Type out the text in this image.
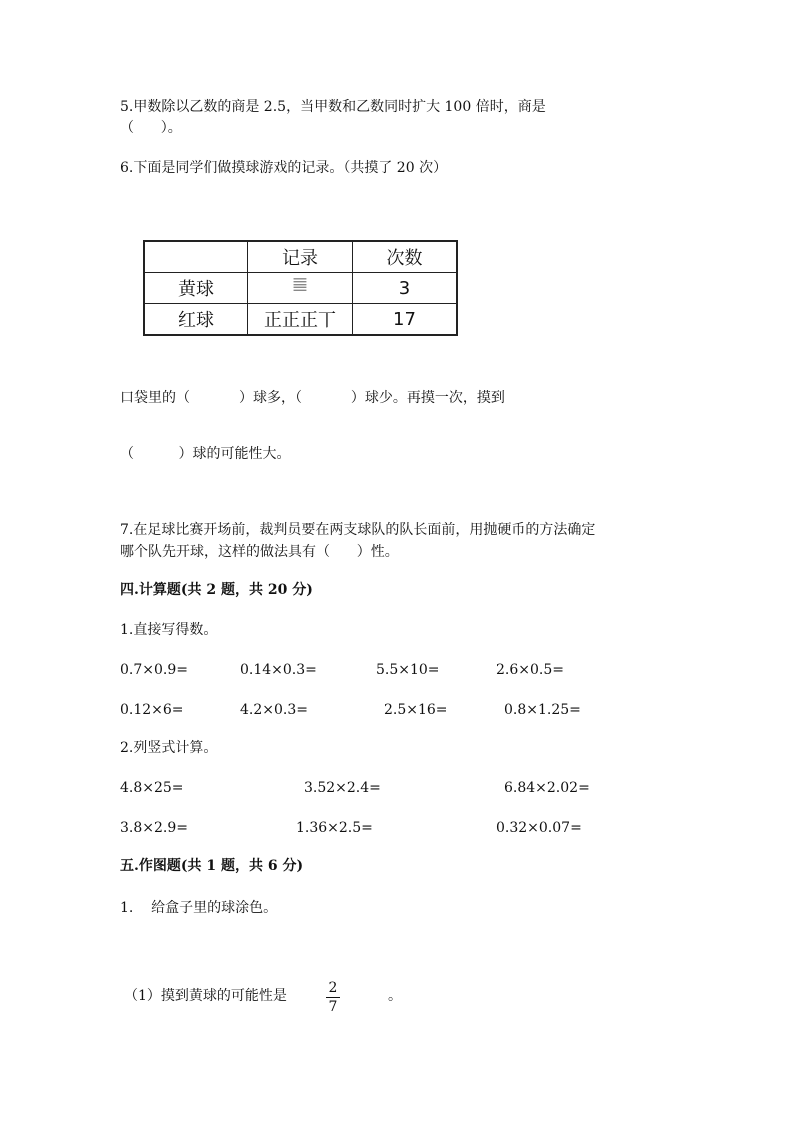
5.甲数除以乙数的商是 2.5，当甲数和乙数同时扩大 100 倍时，商是
（      ）。
6.下面是同学们做摸球游戏的记录。（共摸了 20 次）
	记录	次数
黄球	𝍤	3
红球	正正正丅	17
口袋里的（           ）球多，（           ）球少。再摸一次，摸到
（          ）球的可能性大。
7.在足球比赛开场前，裁判员要在两支球队的队长面前，用抛硬币的方法确定
哪个队先开球，这样的做法具有（      ）性。
四.计算题(共 2 题，共 20 分)
1.直接写得数。
0.7×0.9=	0.14×0.3=	5.5×10=	2.6×0.5=
0.12×6=	4.2×0.3=	2.5×16=	0.8×1.25=
2.列竖式计算。
4.8×25=	3.52×2.4=	6.84×2.02=
3.8×2.9=	1.36×2.5=	0.32×0.07=
五.作图题(共 1 题，共 6 分)
1.    给盒子里的球涂色。
（1）摸到黄球的可能性是	2
7
。
